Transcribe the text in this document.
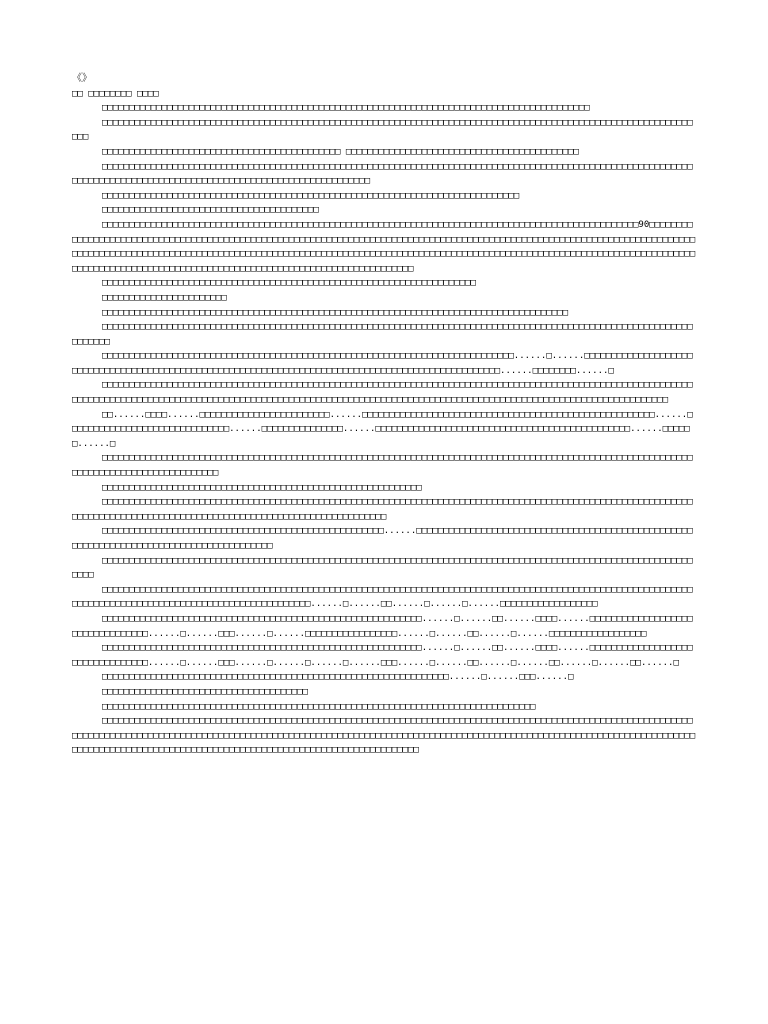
《》
□□ □□□□□□□□ □□□□

□□□□□□□□□□□□□□□□□□□□□□□□□□□□□□□□□□□□□□□□□□□□□□□□□□□□□□□□□□□□□□□□□□□□□□□□□□□□□□□□□□□□□□□□□□

□□□□□□□□□□□□□□□□□□□□□□□□□□□□□□□□□□□□□□□□□□□□□□□□□□□□□□□□□□□□□□□□□□□□□□□□□□□□□□□□□□□□□□□□□□□□□□□□□□□□□□□□□□□□□□□□

□□□□□□□□□□□□□□□□□□□□□□□□□□□□□□□□□□□□□□□□□□□□ □□□□□□□□□□□□□□□□□□□□□□□□□□□□□□□□□□□□□□□□□□□

□□□□□□□□□□□□□□□□□□□□□□□□□□□□□□□□□□□□□□□□□□□□□□□□□□□□□□□□□□□□□□□□□□□□□□□□□□□□□□□□□□□□□□□□□□□□□□□□□□□□□□□□□□□□□□□□□□□□□□□□□□□□□□□□□□□□□□□□□□□□□□□□□□□□□□□□□□□□□□□□□□□□

□□□□□□□□□□□□□□□□□□□□□□□□□□□□□□□□□□□□□□□□□□□□□□□□□□□□□□□□□□□□□□□□□□□□□□□□□□□□□

□□□□□□□□□□□□□□□□□□□□□□□□□□□□□□□□□□□□□□□□

□□□□□□□□□□□□□□□□□□□□□□□□□□□□□□□□□□□□□□□□□□□□□□□□□□□□□□□□□□□□□□□□□□□□□□□□□□□□□□□□□□□□□□□□□□□□□□□□□□□90□□□□□□□□□□□□□□□□□□□□□□□□□□□□□□□□□□□□□□□□□□□□□□□□□□□□□□□□□□□□□□□□□□□□□□□□□□□□□□□□□□□□□□□□□□□□□□□□□□□□□□□□□□□□□□□□□□□□□□□□□□□□□□□□□□□□□□□□□□□□□□□□□□□□□□□□□□□□□□□□□□□□□□□□□□□□□□□□□□□□□□□□□□□□□□□□□□□□□□□□□□□□□□□□□□□□□□□□□□□□□□□□□□□□□□□□□□□□□□□□□□□□□□□□□□□□□□□□□□□□□□□□□□□□□□□□□□□□□□□□□□□□□□□□□□□□□□□□□□□□□

□□□□□□□□□□□□□□□□□□□□□□□□□□□□□□□□□□□□□□□□□□□□□□□□□□□□□□□□□□□□□□□□□□□□□

□□□□□□□□□□□□□□□□□□□□□□□

□□□□□□□□□□□□□□□□□□□□□□□□□□□□□□□□□□□□□□□□□□□□□□□□□□□□□□□□□□□□□□□□□□□□□□□□□□□□□□□□□□□□□□

□□□□□□□□□□□□□□□□□□□□□□□□□□□□□□□□□□□□□□□□□□□□□□□□□□□□□□□□□□□□□□□□□□□□□□□□□□□□□□□□□□□□□□□□□□□□□□□□□□□□□□□□□□□□□□□□□□□□

□□□□□□□□□□□□□□□□□□□□□□□□□□□□□□□□□□□□□□□□□□□□□□□□□□□□□□□□□□□□□□□□□□□□□□□□□□□□......□......□□□□□□□□□□□□□□□□□□□□□□□□□□□□□□□□□□□□□□□□□□□□□□□□□□□□□□□□□□□□□□□□□□□□□□□□□□□□□□□□□□□□□□□□□□□□□□□□□□□......□□□□□□□□......□

□□□□□□□□□□□□□□□□□□□□□□□□□□□□□□□□□□□□□□□□□□□□□□□□□□□□□□□□□□□□□□□□□□□□□□□□□□□□□□□□□□□□□□□□□□□□□□□□□□□□□□□□□□□□□□□□□□□□□□□□□□□□□□□□□□□□□□□□□□□□□□□□□□□□□□□□□□□□□□□□□□□□□□□□□□□□□□□□□□□□□□□□□□□□□□□□□□□□□□□□□□□□□□□□□□□□□□□□□□□

□□......□□□□......□□□□□□□□□□□□□□□□□□□□□□□□......□□□□□□□□□□□□□□□□□□□□□□□□□□□□□□□□□□□□□□□□□□□□□□□□□□□□□□......□□□□□□□□□□□□□□□□□□□□□□□□□□□□□□......□□□□□□□□□□□□□□□......□□□□□□□□□□□□□□□□□□□□□□□□□□□□□□□□□□□□□□□□□□□□□□□......□□□□□□......□

□□□□□□□□□□□□□□□□□□□□□□□□□□□□□□□□□□□□□□□□□□□□□□□□□□□□□□□□□□□□□□□□□□□□□□□□□□□□□□□□□□□□□□□□□□□□□□□□□□□□□□□□□□□□□□□□□□□□□□□□□□□□□□□□□□□□□□□□

□□□□□□□□□□□□□□□□□□□□□□□□□□□□□□□□□□□□□□□□□□□□□□□□□□□□□□□□□□□

□□□□□□□□□□□□□□□□□□□□□□□□□□□□□□□□□□□□□□□□□□□□□□□□□□□□□□□□□□□□□□□□□□□□□□□□□□□□□□□□□□□□□□□□□□□□□□□□□□□□□□□□□□□□□□□□□□□□□□□□□□□□□□□□□□□□□□□□□□□□□□□□□□□□□□□□□□□□□□□□□□□□□□□

□□□□□□□□□□□□□□□□□□□□□□□□□□□□□□□□□□□□□□□□□□□□□□□□□□□□......□□□□□□□□□□□□□□□□□□□□□□□□□□□□□□□□□□□□□□□□□□□□□□□□□□□□□□□□□□□□□□□□□□□□□□□□□□□□□□□□□□□□□□□□

□□□□□□□□□□□□□□□□□□□□□□□□□□□□□□□□□□□□□□□□□□□□□□□□□□□□□□□□□□□□□□□□□□□□□□□□□□□□□□□□□□□□□□□□□□□□□□□□□□□□□□□□□□□□□□□□□

□□□□□□□□□□□□□□□□□□□□□□□□□□□□□□□□□□□□□□□□□□□□□□□□□□□□□□□□□□□□□□□□□□□□□□□□□□□□□□□□□□□□□□□□□□□□□□□□□□□□□□□□□□□□□□□□□□□□□□□□□□□□□□□□□□□□□□□□□□□□□□□□□□□□□□□□□......□......□□......□......□......□□□□□□□□□□□□□□□□□□

□□□□□□□□□□□□□□□□□□□□□□□□□□□□□□□□□□□□□□□□□□□□□□□□□□□□□□□□□□□......□......□□......□□□□......□□□□□□□□□□□□□□□□□□□□□□□□□□□□□□□□□......□......□□□......□......□□□□□□□□□□□□□□□□□......□......□□......□......□□□□□□□□□□□□□□□□□□

□□□□□□□□□□□□□□□□□□□□□□□□□□□□□□□□□□□□□□□□□□□□□□□□□□□□□□□□□□□......□......□□......□□□□......□□□□□□□□□□□□□□□□□□□□□□□□□□□□□□□□□......□......□□□......□......□......□......□□□......□......□□......□......□□......□......□□......□

□□□□□□□□□□□□□□□□□□□□□□□□□□□□□□□□□□□□□□□□□□□□□□□□□□□□□□□□□□□□□□□□......□......□□□......□

□□□□□□□□□□□□□□□□□□□□□□□□□□□□□□□□□□□□□□

□□□□□□□□□□□□□□□□□□□□□□□□□□□□□□□□□□□□□□□□□□□□□□□□□□□□□□□□□□□□□□□□□□□□□□□□□□□□□□□□

□□□□□□□□□□□□□□□□□□□□□□□□□□□□□□□□□□□□□□□□□□□□□□□□□□□□□□□□□□□□□□□□□□□□□□□□□□□□□□□□□□□□□□□□□□□□□□□□□□□□□□□□□□□□□□□□□□□□□□□□□□□□□□□□□□□□□□□□□□□□□□□□□□□□□□□□□□□□□□□□□□□□□□□□□□□□□□□□□□□□□□□□□□□□□□□□□□□□□□□□□□□□□□□□□□□□□□□□□□□□□□□□□□□□□□□□□□□□□□□□□□□□□□□□□□□□□□□□□□□□□□□□□□□□□□□□□□□□□□□□□□□□□□□□
